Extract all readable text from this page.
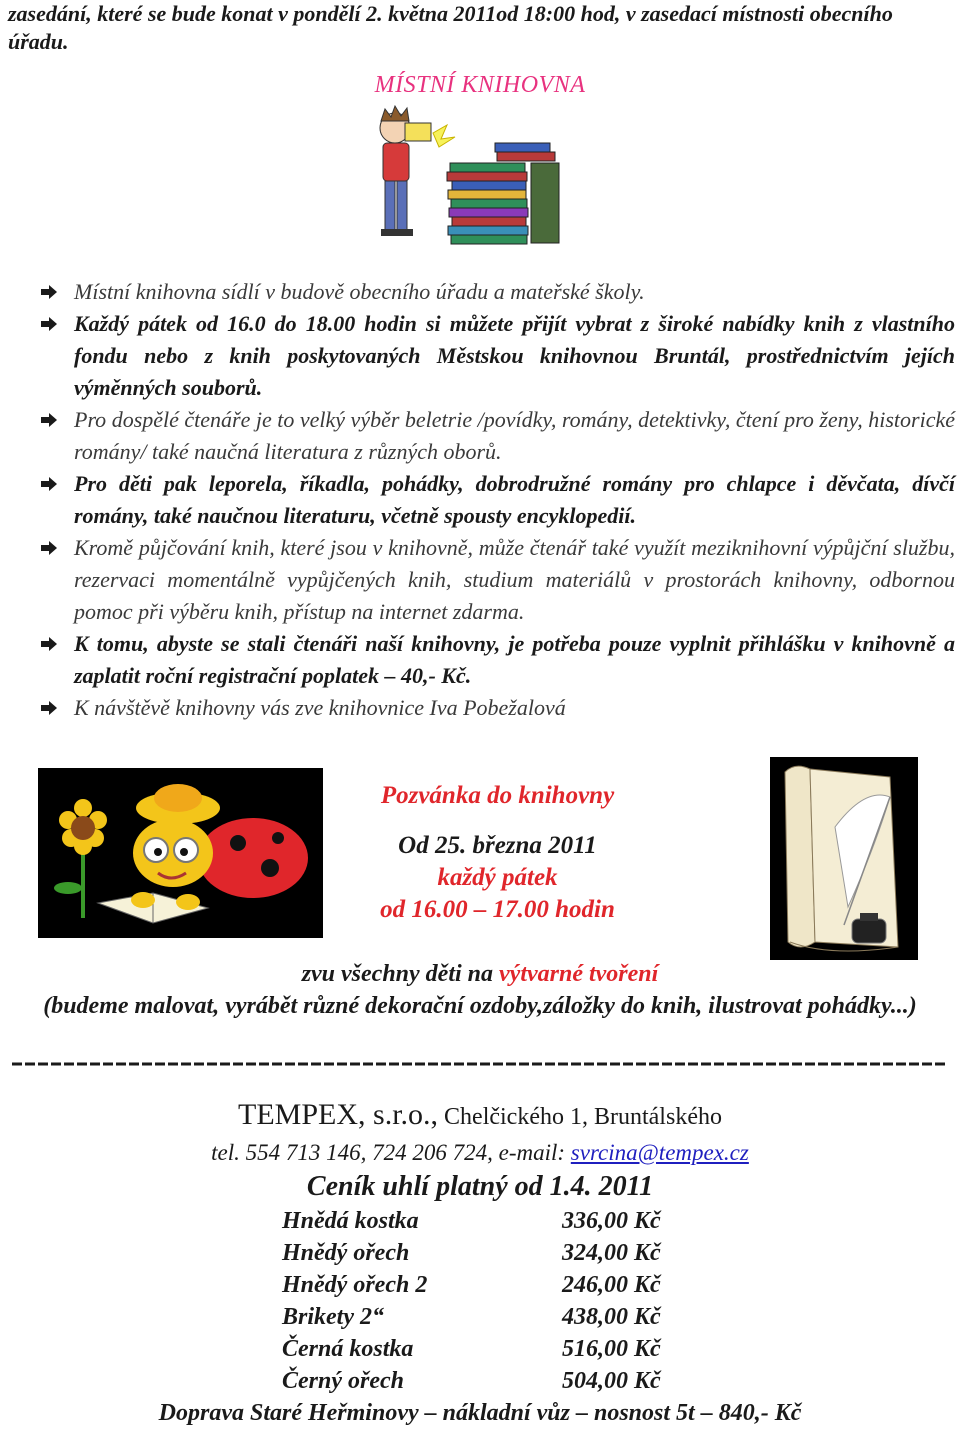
zasedání, které se bude konat v pondělí 2. května 2011od 18:00 hod, v zasedací místnosti obecního úřadu.
MÍSTNÍ KNIHOVNA

Místní knihovna sídlí v budově obecního úřadu a mateřské školy.

Každý pátek od 16.0 do 18.00 hodin si můžete přijít vybrat z široké nabídky knih z vlastního fondu nebo z knih poskytovaných Městskou knihovnou Bruntál, prostřednictvím jejích výměnných souborů.

Pro dospělé čtenáře je to velký výběr beletrie /povídky, romány, detektivky, čtení pro ženy, historické romány/ také naučná literatura z různých oborů.

Pro děti pak leporela, říkadla, pohádky, dobrodružné romány pro chlapce i děvčata, dívčí romány, také naučnou literaturu, včetně spousty encyklopedií.

Kromě půjčování knih, které jsou v knihovně, může čtenář také využít meziknihovní výpůjční službu, rezervaci momentálně vypůjčených knih, studium materiálů v prostorách knihovny, odbornou pomoc při výběru knih, přístup na internet zdarma.

K tomu, abyste se stali čtenáři naší knihovny, je potřeba pouze vyplnit přihlášku v knihovně a zaplatit roční registrační poplatek – 40,- Kč.

K návštěvě knihovny vás zve knihovnice Iva Pobežalová

Pozvánka do knihovny
Od 25. března 2011
každý pátek
od 16.00 – 17.00 hodin
zvu všechny děti na výtvarné tvoření
(budeme malovat, vyrábět různé dekorační ozdoby,záložky do knih, ilustrovat pohádky...)
TEMPEX, s.r.o., Chelčického 1, Bruntálského
tel. 554 713 146, 724 206 724, e-mail: svrcina@tempex.cz
Ceník uhlí platný od 1.4. 2011
Hnědá kostka	336,00 Kč
Hnědý ořech	324,00 Kč
Hnědý ořech 2	246,00 Kč
Brikety 2“	438,00 Kč
Černá kostka	516,00 Kč
Černý ořech	504,00 Kč
Doprava Staré Heřminovy – nákladní vůz – nosnost 5t – 840,- Kč
